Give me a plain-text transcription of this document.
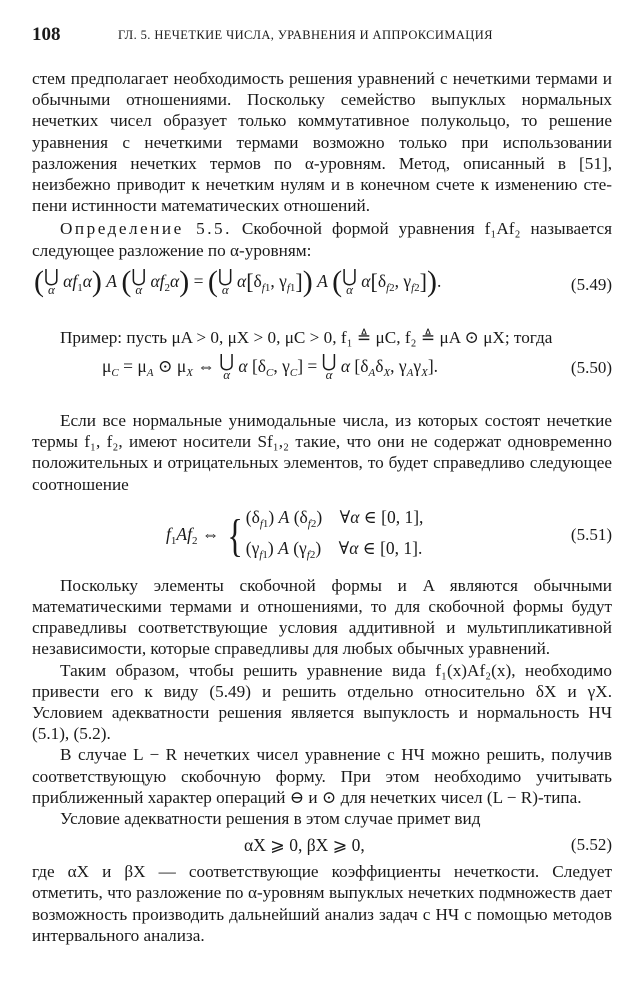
108	ГЛ. 5. НЕЧЕТКИЕ ЧИСЛА, УРАВНЕНИЯ И АППРОКСИМАЦИЯ

стем предполагает необходимость решения уравнений с нечеткими термами и обычными отношениями. Поскольку семейство выпуклых нормальных нечетких чисел образует только коммутативное полукольцо, то решение уравнения с нечеткими термами возможно только при использовании разложения нечетких термов по α-уровням. Метод, описанный в [51], неизбежно приводит к нечетким нулям и в конечном счете к изменению степени истинности математических отношений.

Определение 5.5. Скобочной формой уравнения f₁Af₂ называется следующее разложение по α-уровням:

( ⋃
α $\alpha f_1\alpha$) A ( ⋃
α $\alpha f_2\alpha$) = ( ⋃
α $\alpha[\delta_{f1}$, $\gamma_{f1}$]) A ( ⋃
α $\alpha[\delta_{f2}$, $\gamma_{f2}$]).	(5.49)

Пример: пусть μA > 0, μX > 0, μC > 0, f₁ ≜ μC, f₂ ≜ μA ⊙ μX; тогда

$\mu_C = \mu_A$ ⊙ $\mu_X$ ⇔ ⋃
α α [$\delta_C$, $\gamma_C$] = ⋃
α α [$\delta_A\delta_X$, $\gamma_A\gamma_X$].	(5.50)

Если все нормальные унимодальные числа, из которых состоят нечеткие термы f₁, f₂, имеют носители Sf₁,₂ такие, что они не содержат одновременно положительных и отрицательных элементов, то будет справедливо следующее соотношение

$f_1Af_2$ ⇔ {$(\delta_{f1})$ A $(\delta_{f2})$    ∀α ∈ [0, 1],
$(\gamma_{f1})$ A $(\gamma_{f2})$    ∀α ∈ [0, 1].
(5.51)

Поскольку элементы скобочной формы и A являются обычными математическими термами и отношениями, то для скобочной формы будут справедливы соответствующие условия аддитивной и мультипликативной независимости, которые справедливы для любых обычных уравнений.

Таким образом, чтобы решить уравнение вида f₁(x)Af₂(x), необходимо привести его к виду (5.49) и решить отдельно относительно δX и γX. Условием адекватности решения является выпуклость и нормальность НЧ (5.1), (5.2).

В случае L − R нечетких чисел уравнение с НЧ можно решить, получив соответствующую скобочную форму. При этом необходимо учитывать приближенный характер операций ⊖ и ⊙ для нечетких чисел (L − R)-типа.

Условие адекватности решения в этом случае примет вид

αX ⩾ 0, βX ⩾ 0,	(5.52)

где αX и βX — соответствующие коэффициенты нечеткости. Следует отметить, что разложение по α-уровням выпуклых нечетких подмножеств дает возможность производить дальнейший анализ задач с НЧ с помощью методов интервального анализа.
